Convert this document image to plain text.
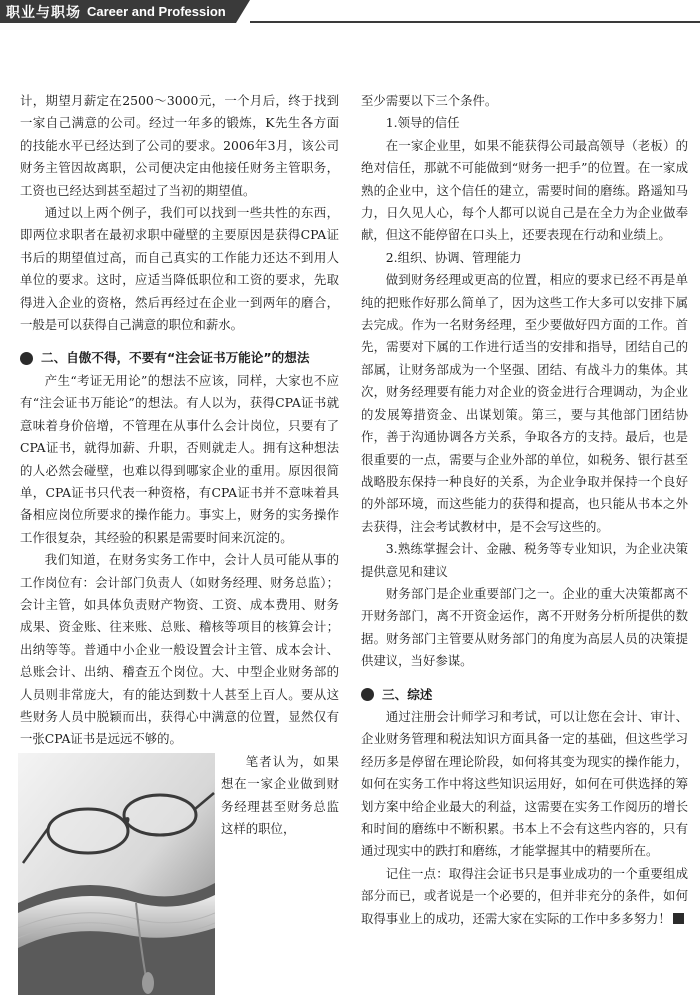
职业与职场 Career and Profession

计，期望月薪定在2500～3000元，一个月后，终于找到一家自己满意的公司。经过一年多的锻炼，K先生各方面的技能水平已经达到了公司的要求。2006年3月，该公司财务主管因故离职，公司便决定由他接任财务主管职务，工资也已经达到甚至超过了当初的期望值。

通过以上两个例子，我们可以找到一些共性的东西，即两位求职者在最初求职中碰壁的主要原因是获得CPA证书后的期望值过高，而自己真实的工作能力还达不到用人单位的要求。这时，应适当降低职位和工资的要求，先取得进入企业的资格，然后再经过在企业一到两年的磨合，一般是可以获得自己满意的职位和薪水。

二、自傲不得，不要有“注会证书万能论”的想法

产生“考证无用论”的想法不应该，同样，大家也不应有“注会证书万能论”的想法。有人以为，获得CPA证书就意味着身价倍增，不管理在从事什么会计岗位，只要有了CPA证书，就得加薪、升职，否则就走人。拥有这种想法的人必然会碰壁，也难以得到哪家企业的重用。原因很简单，CPA证书只代表一种资格，有CPA证书并不意味着具备相应岗位所要求的操作能力。事实上，财务的实务操作工作很复杂，其经验的积累是需要时间来沉淀的。

我们知道，在财务实务工作中，会计人员可能从事的工作岗位有：会计部门负责人（如财务经理、财务总监）；会计主管，如具体负责财产物资、工资、成本费用、财务成果、资金账、往来账、总账、稽核等项目的核算会计；出纳等等。普通中小企业一般设置会计主管、成本会计、总账会计、出纳、稽查五个岗位。大、中型企业财务部的人员则非常庞大，有的能达到数十人甚至上百人。要从这些财务人员中脱颖而出，获得心中满意的位置，显然仅有一张CPA证书是远远不够的。

笔者认为，如果想在一家企业做到财务经理甚至财务总监这样的职位，

至少需要以下三个条件。

1.领导的信任

在一家企业里，如果不能获得公司最高领导（老板）的绝对信任，那就不可能做到“财务一把手”的位置。在一家成熟的企业中，这个信任的建立，需要时间的磨练。路遥知马力，日久见人心，每个人都可以说自己是在全力为企业做奉献，但这不能停留在口头上，还要表现在行动和业绩上。

2.组织、协调、管理能力

做到财务经理或更高的位置，相应的要求已经不再是单纯的把账作好那么简单了，因为这些工作大多可以安排下属去完成。作为一名财务经理，至少要做好四方面的工作。首先，需要对下属的工作进行适当的安排和指导，团结自己的部属，让财务部成为一个坚强、团结、有战斗力的集体。其次，财务经理要有能力对企业的资金进行合理调动，为企业的发展筹措资金、出谋划策。第三，要与其他部门团结协作，善于沟通协调各方关系，争取各方的支持。最后，也是很重要的一点，需要与企业外部的单位，如税务、银行甚至战略股东保持一种良好的关系，为企业争取并保持一个良好的外部环境，而这些能力的获得和提高，也只能从书本之外去获得，注会考试教材中，是不会写这些的。

3.熟练掌握会计、金融、税务等专业知识，为企业决策提供意见和建议

财务部门是企业重要部门之一。企业的重大决策都离不开财务部门，离不开资金运作，离不开财务分析所提供的数据。财务部门主管要从财务部门的角度为高层人员的决策提供建议，当好参谋。

三、综述

通过注册会计师学习和考试，可以让您在会计、审计、企业财务管理和税法知识方面具备一定的基础，但这些学习经历多是停留在理论阶段，如何将其变为现实的操作能力，如何在实务工作中将这些知识运用好，如何在可供选择的筹划方案中给企业最大的利益，这需要在实务工作阅历的增长和时间的磨练中不断积累。书本上不会有这些内容的，只有通过现实中的跌打和磨练，才能掌握其中的精要所在。

记住一点：取得注会证书只是事业成功的一个重要组成部分而已，或者说是一个必要的，但并非充分的条件，如何取得事业上的成功，还需大家在实际的工作中多多努力！
